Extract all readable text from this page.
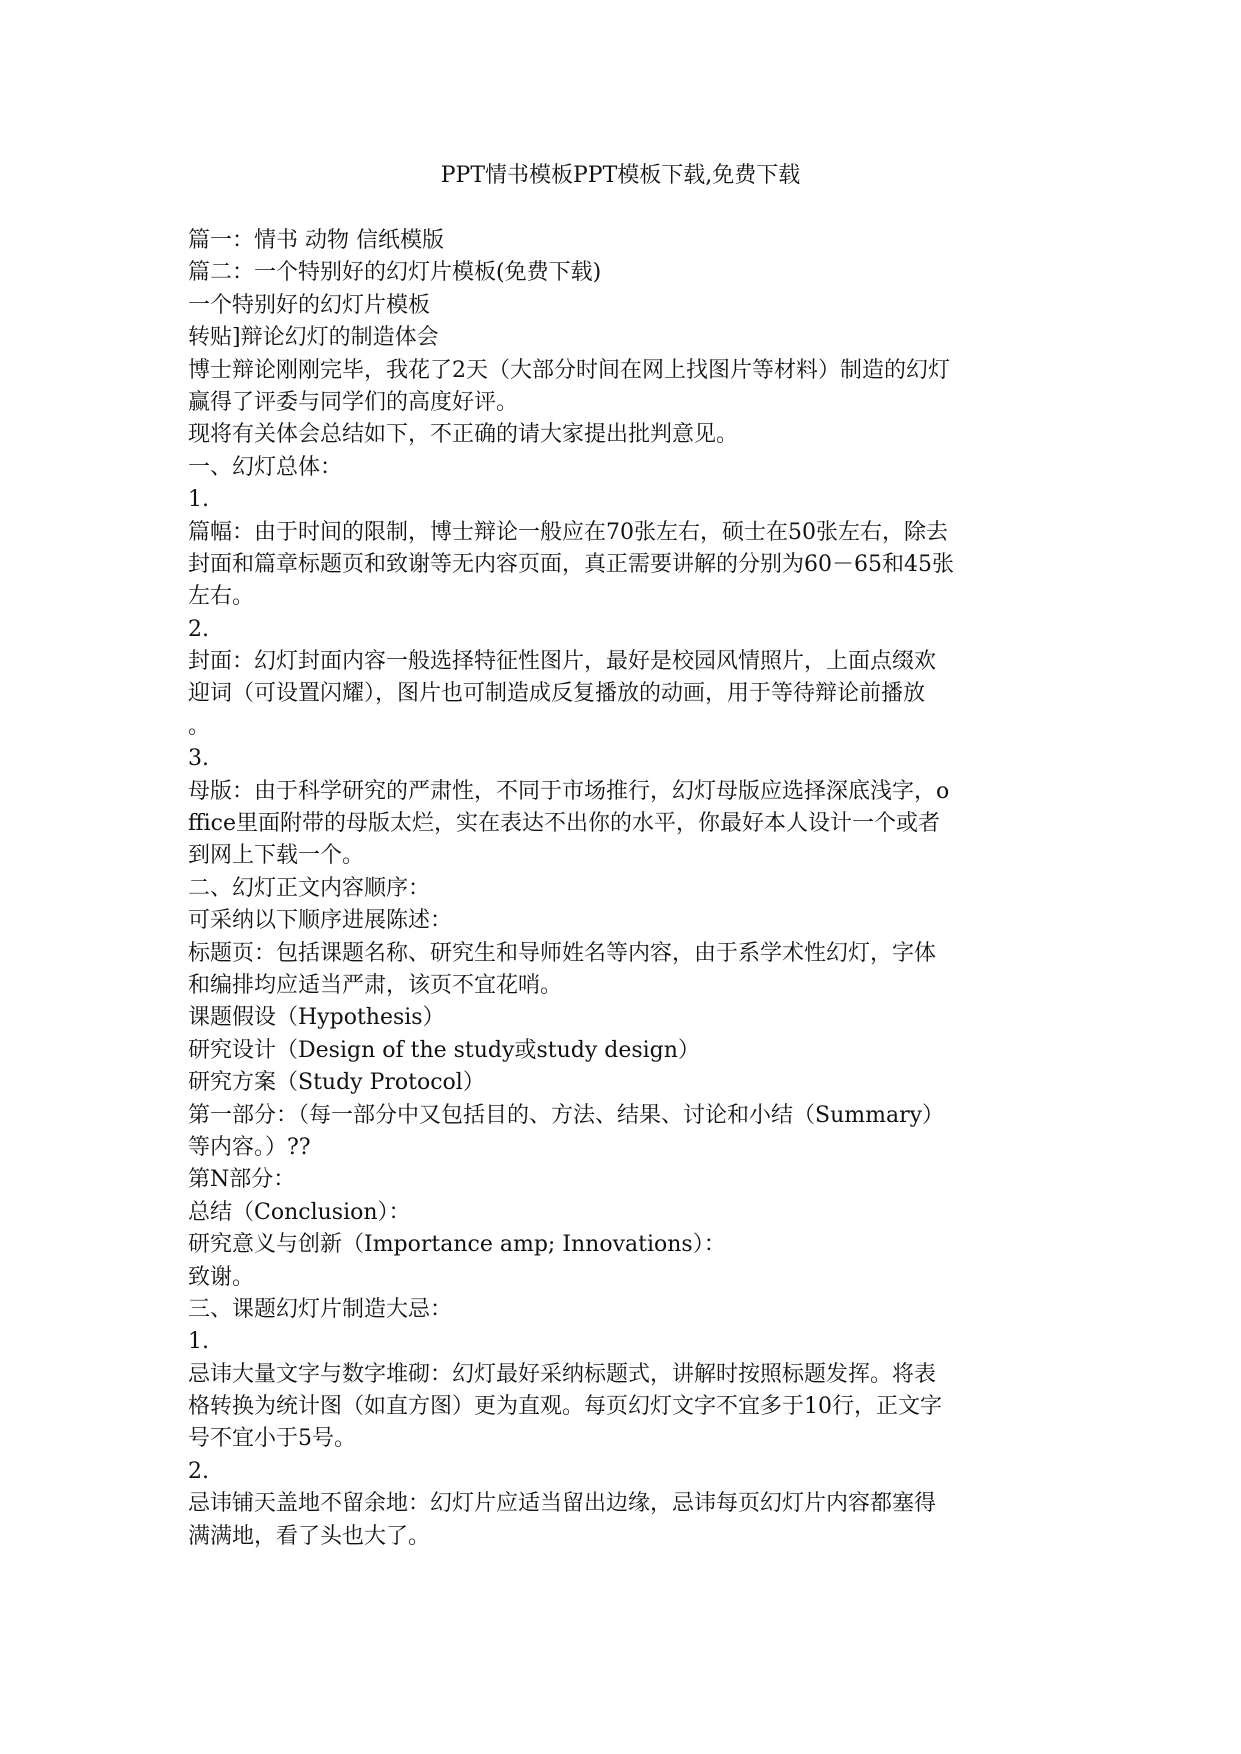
PPT情书模板PPT模板下载,免费下载
篇一：情书 动物 信纸模版
篇二：一个特别好的幻灯片模板(免费下载)
一个特别好的幻灯片模板
转贴]辩论幻灯的制造体会
博士辩论刚刚完毕，我花了2天（大部分时间在网上找图片等材料）制造的幻灯
赢得了评委与同学们的高度好评。
现将有关体会总结如下，不正确的请大家提出批判意见。
一、幻灯总体：
1.
篇幅：由于时间的限制，博士辩论一般应在70张左右，硕士在50张左右，除去
封面和篇章标题页和致谢等无内容页面，真正需要讲解的分别为60－65和45张
左右。
2.
封面：幻灯封面内容一般选择特征性图片，最好是校园风情照片，上面点缀欢
迎词（可设置闪耀），图片也可制造成反复播放的动画，用于等待辩论前播放
。
3.
母版：由于科学研究的严肃性，不同于市场推行，幻灯母版应选择深底浅字，o
ffice里面附带的母版太烂，实在表达不出你的水平，你最好本人设计一个或者
到网上下载一个。
二、幻灯正文内容顺序：
可采纳以下顺序进展陈述：
标题页：包括课题名称、研究生和导师姓名等内容，由于系学术性幻灯，字体
和编排均应适当严肃，该页不宜花哨。
课题假设（Hypothesis）
研究设计（Design of the study或study design）
研究方案（Study Protocol）
第一部分：（每一部分中又包括目的、方法、结果、讨论和小结（Summary）
等内容。）??
第N部分：
总结（Conclusion）：
研究意义与创新（Importance amp; Innovations）：
致谢。
三、课题幻灯片制造大忌：
1.
忌讳大量文字与数字堆砌：幻灯最好采纳标题式，讲解时按照标题发挥。将表
格转换为统计图（如直方图）更为直观。每页幻灯文字不宜多于10行，正文字
号不宜小于5号。
2.
忌讳铺天盖地不留余地：幻灯片应适当留出边缘，忌讳每页幻灯片内容都塞得
满满地，看了头也大了。
